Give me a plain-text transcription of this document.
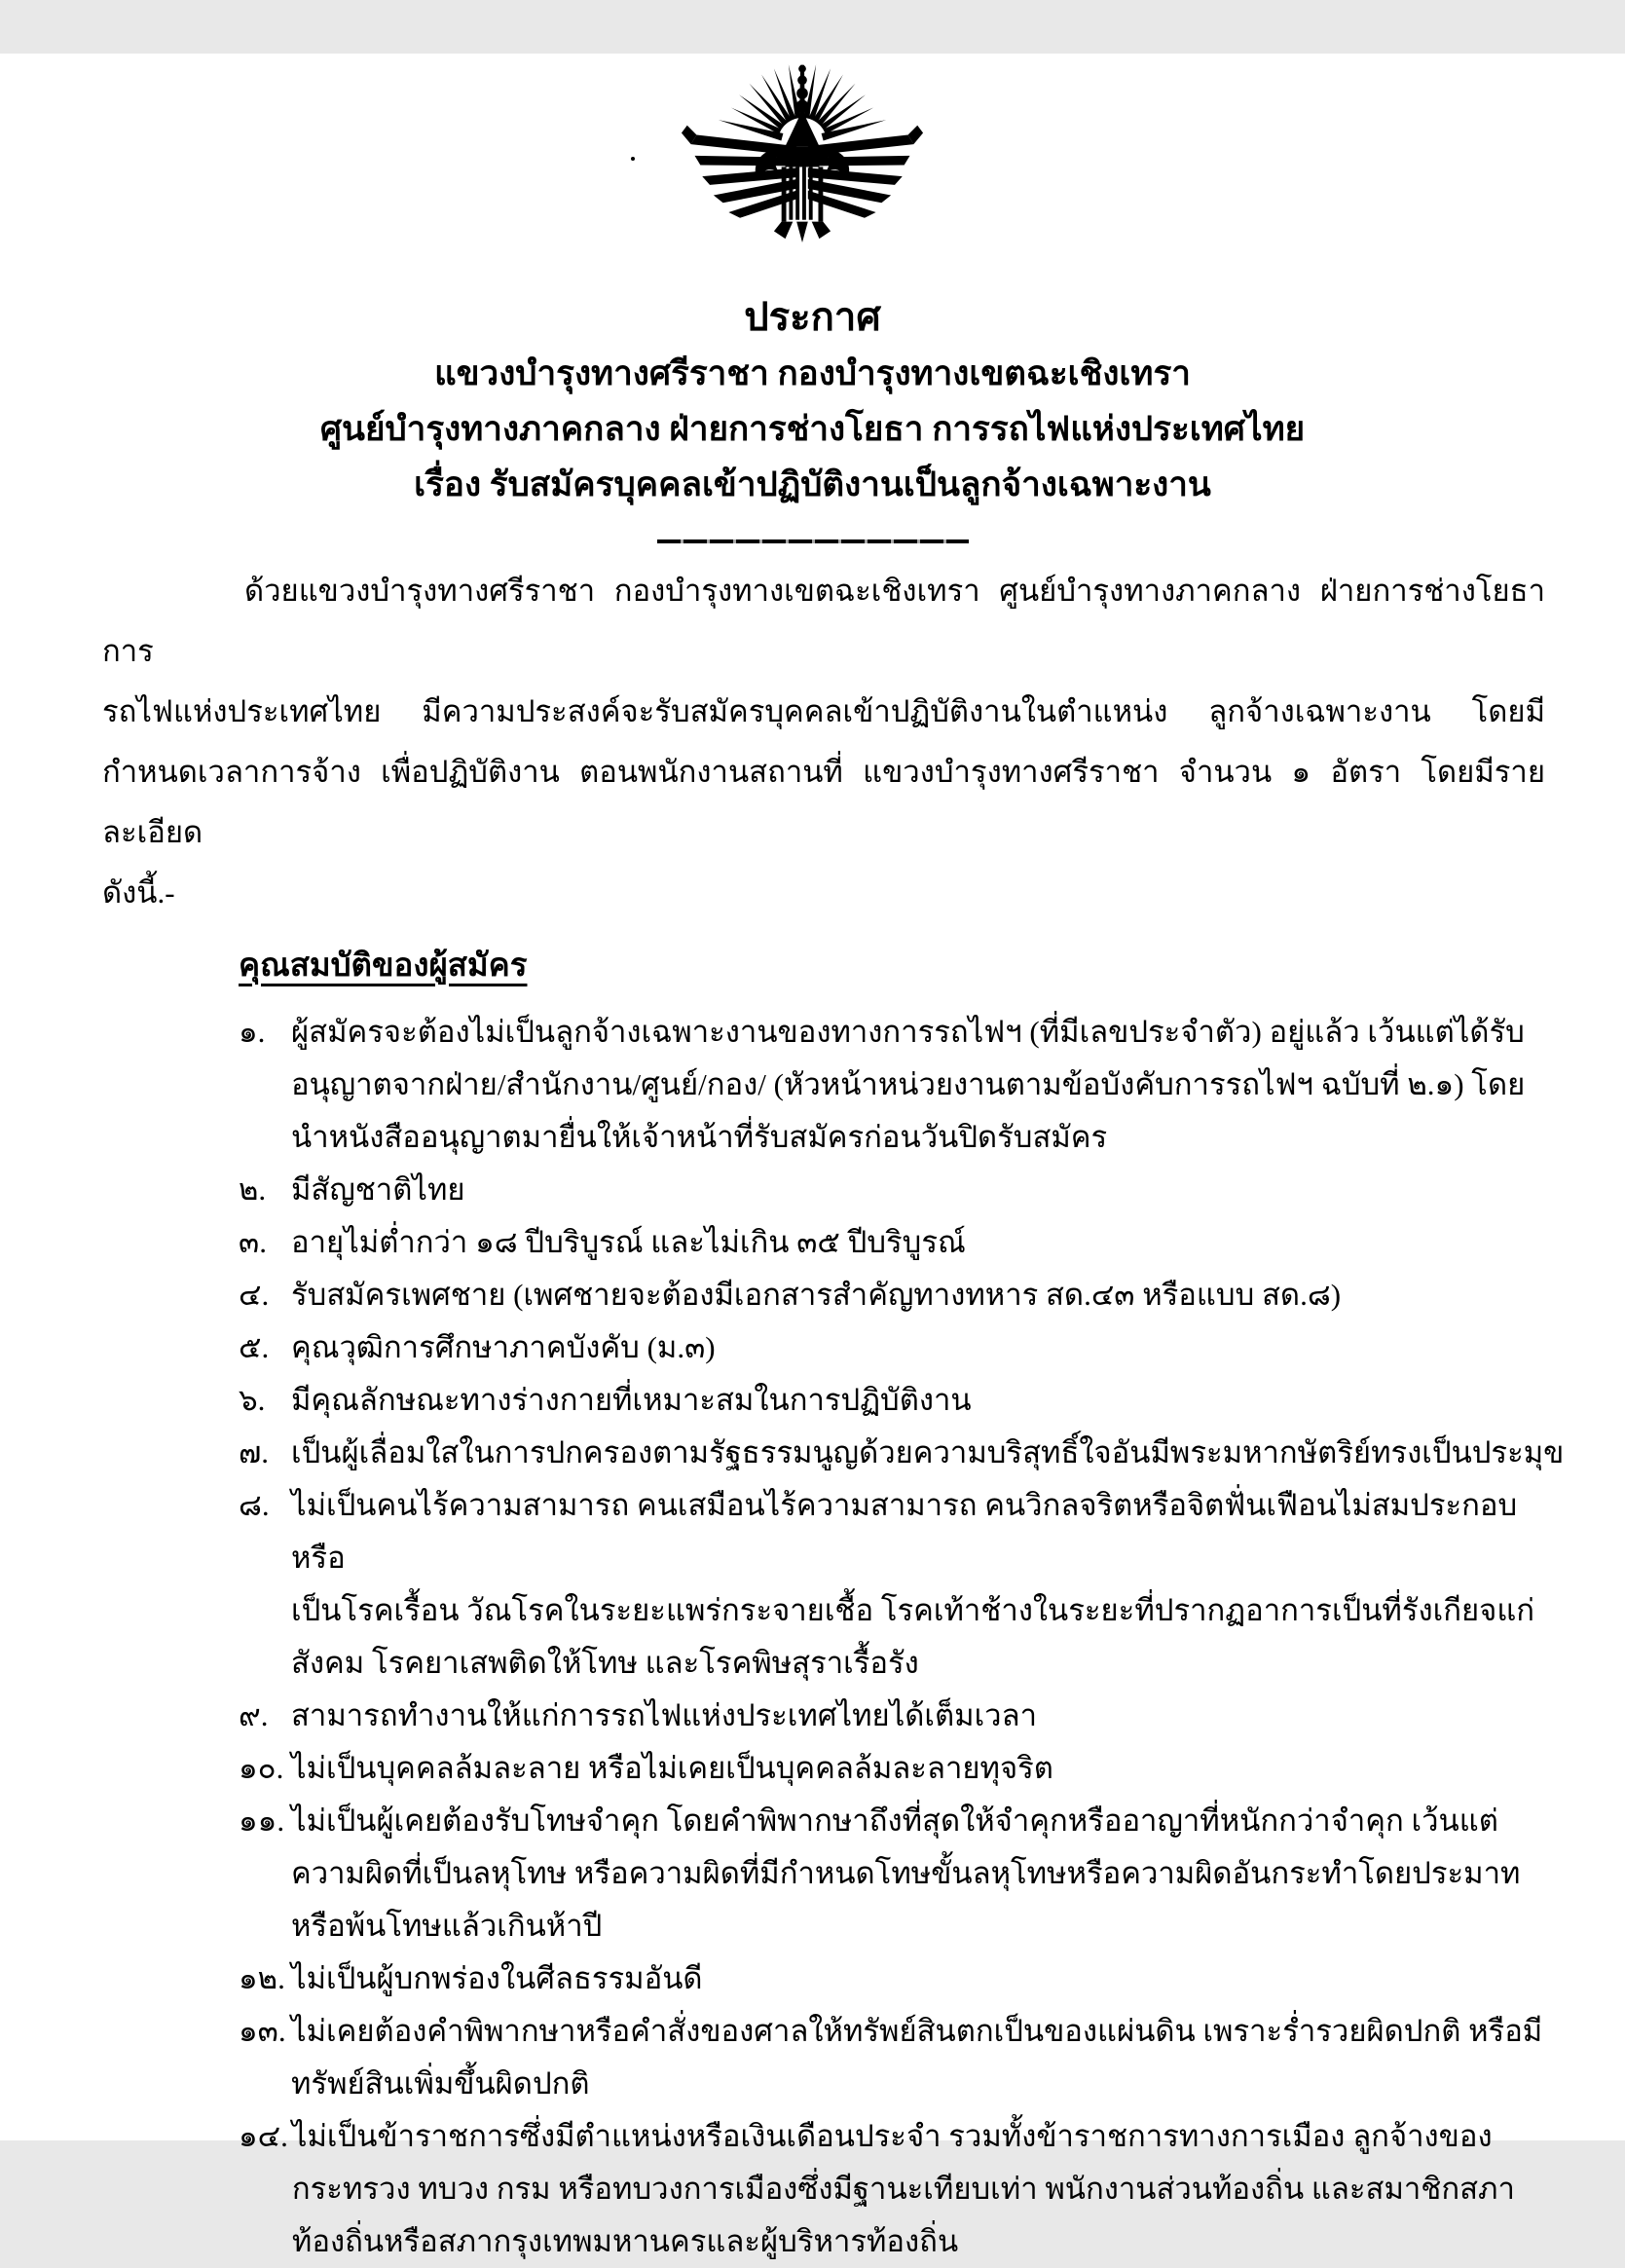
ประกาศ
แขวงบำรุงทางศรีราชา กองบำรุงทางเขตฉะเชิงเทรา
ศูนย์บำรุงทางภาคกลาง ฝ่ายการช่างโยธา การรถไฟแห่งประเทศไทย
เรื่อง รับสมัครบุคคลเข้าปฏิบัติงานเป็นลูกจ้างเฉพาะงาน
ด้วยแขวงบำรุงทางศรีราชา กองบำรุงทางเขตฉะเชิงเทรา ศูนย์บำรุงทางภาคกลาง ฝ่ายการช่างโยธา การ
รถไฟแห่งประเทศไทย มีความประสงค์จะรับสมัครบุคคลเข้าปฏิบัติงานในตำแหน่ง ลูกจ้างเฉพาะงาน โดยมี
กำหนดเวลาการจ้าง เพื่อปฏิบัติงาน ตอนพนักงานสถานที่ แขวงบำรุงทางศรีราชา จำนวน ๑ อัตรา โดยมีรายละเอียด
ดังนี้.-
คุณสมบัติของผู้สมัคร
๑. ผู้สมัครจะต้องไม่เป็นลูกจ้างเฉพาะงานของทางการรถไฟฯ (ที่มีเลขประจำตัว) อยู่แล้ว เว้นแต่ได้รับ
อนุญาตจากฝ่าย/สำนักงาน/ศูนย์/กอง/ (หัวหน้าหน่วยงานตามข้อบังคับการรถไฟฯ ฉบับที่ ๒.๑) โดย
นำหนังสืออนุญาตมายื่นให้เจ้าหน้าที่รับสมัครก่อนวันปิดรับสมัคร
๒. มีสัญชาติไทย
๓. อายุไม่ต่ำกว่า ๑๘ ปีบริบูรณ์ และไม่เกิน ๓๕ ปีบริบูรณ์
๔. รับสมัครเพศชาย (เพศชายจะต้องมีเอกสารสำคัญทางทหาร สด.๔๓ หรือแบบ สด.๘)
๕. คุณวุฒิการศึกษาภาคบังคับ (ม.๓)
๖. มีคุณลักษณะทางร่างกายที่เหมาะสมในการปฏิบัติงาน
๗. เป็นผู้เลื่อมใสในการปกครองตามรัฐธรรมนูญด้วยความบริสุทธิ์ใจอันมีพระมหากษัตริย์ทรงเป็นประมุข
๘. ไม่เป็นคนไร้ความสามารถ คนเสมือนไร้ความสามารถ คนวิกลจริตหรือจิตฟั่นเฟือนไม่สมประกอบ หรือ
เป็นโรคเรื้อน วัณโรคในระยะแพร่กระจายเชื้อ โรคเท้าช้างในระยะที่ปรากฏอาการเป็นที่รังเกียจแก่
สังคม โรคยาเสพติดให้โทษ และโรคพิษสุราเรื้อรัง
๙. สามารถทำงานให้แก่การรถไฟแห่งประเทศไทยได้เต็มเวลา
๑๐. ไม่เป็นบุคคลล้มละลาย หรือไม่เคยเป็นบุคคลล้มละลายทุจริต
๑๑. ไม่เป็นผู้เคยต้องรับโทษจำคุก โดยคำพิพากษาถึงที่สุดให้จำคุกหรืออาญาที่หนักกว่าจำคุก เว้นแต่
ความผิดที่เป็นลหุโทษ หรือความผิดที่มีกำหนดโทษขั้นลหุโทษหรือความผิดอันกระทำโดยประมาท
หรือพ้นโทษแล้วเกินห้าปี
๑๒. ไม่เป็นผู้บกพร่องในศีลธรรมอันดี
๑๓. ไม่เคยต้องคำพิพากษาหรือคำสั่งของศาลให้ทรัพย์สินตกเป็นของแผ่นดิน เพราะร่ำรวยผิดปกติ หรือมี
ทรัพย์สินเพิ่มขึ้นผิดปกติ
๑๔. ไม่เป็นข้าราชการซึ่งมีตำแหน่งหรือเงินเดือนประจำ รวมทั้งข้าราชการทางการเมือง ลูกจ้างของ
กระทรวง ทบวง กรม หรือทบวงการเมืองซึ่งมีฐานะเทียบเท่า พนักงานส่วนท้องถิ่น และสมาชิกสภา
ท้องถิ่นหรือสภากรุงเทพมหานครและผู้บริหารท้องถิ่น
